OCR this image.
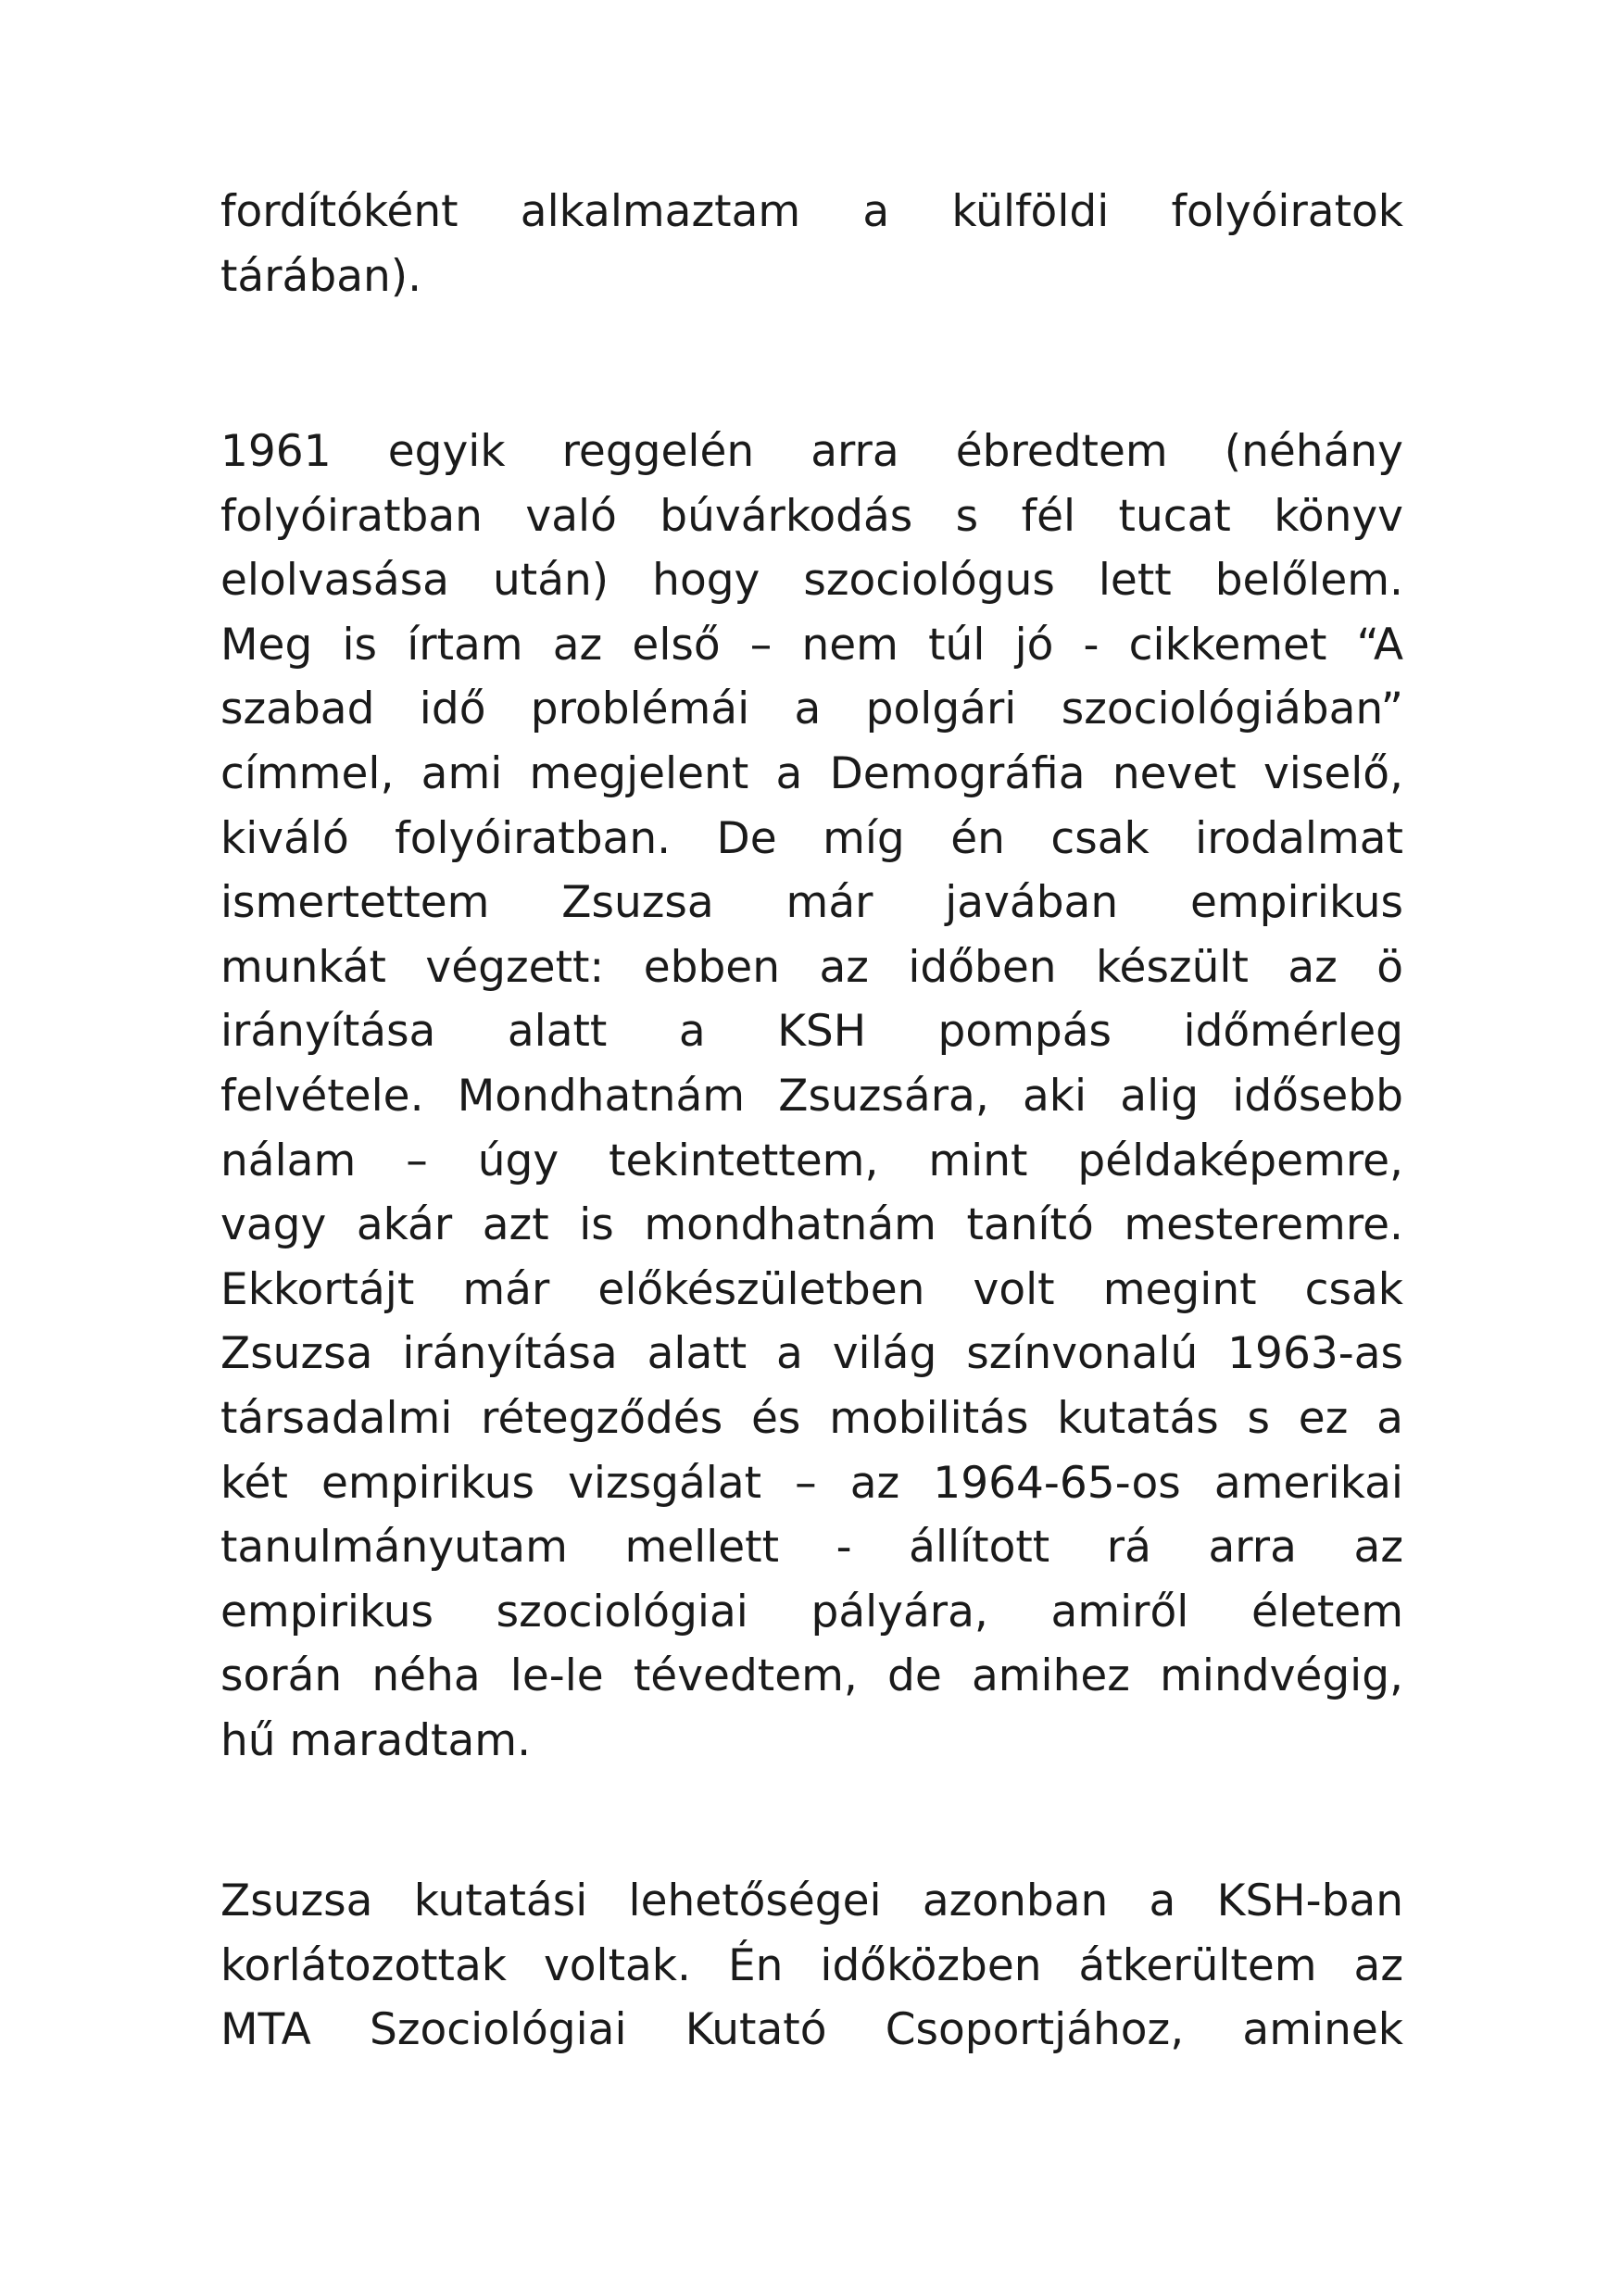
fordítóként alkalmaztam a külföldi folyóiratok
tárában).
1961 egyik reggelén arra ébredtem (néhány
folyóiratban való búvárkodás s fél tucat könyv
elolvasása után) hogy szociológus lett belőlem.
Meg is írtam az első – nem túl jó - cikkemet “A
szabad idő problémái a polgári szociológiában”
címmel, ami megjelent a Demográfia nevet viselő,
kiváló folyóiratban. De míg én csak irodalmat
ismertettem Zsuzsa már javában empirikus
munkát végzett: ebben az időben készült az ö
irányítása alatt a KSH pompás időmérleg
felvétele. Mondhatnám Zsuzsára, aki alig idősebb
nálam – úgy tekintettem, mint példaképemre,
vagy akár azt is mondhatnám tanító mesteremre.
Ekkortájt már előkészületben volt megint csak
Zsuzsa irányítása alatt a világ színvonalú 1963-as
társadalmi rétegződés és mobilitás kutatás s ez a
két empirikus vizsgálat – az 1964-65-os amerikai
tanulmányutam mellett - állított rá arra az
empirikus szociológiai pályára, amiről életem
során néha le-le tévedtem, de amihez mindvégig,
hű maradtam.
Zsuzsa kutatási lehetőségei azonban a KSH-ban
korlátozottak voltak. Én időközben átkerültem az
MTA Szociológiai Kutató Csoportjához, aminek
